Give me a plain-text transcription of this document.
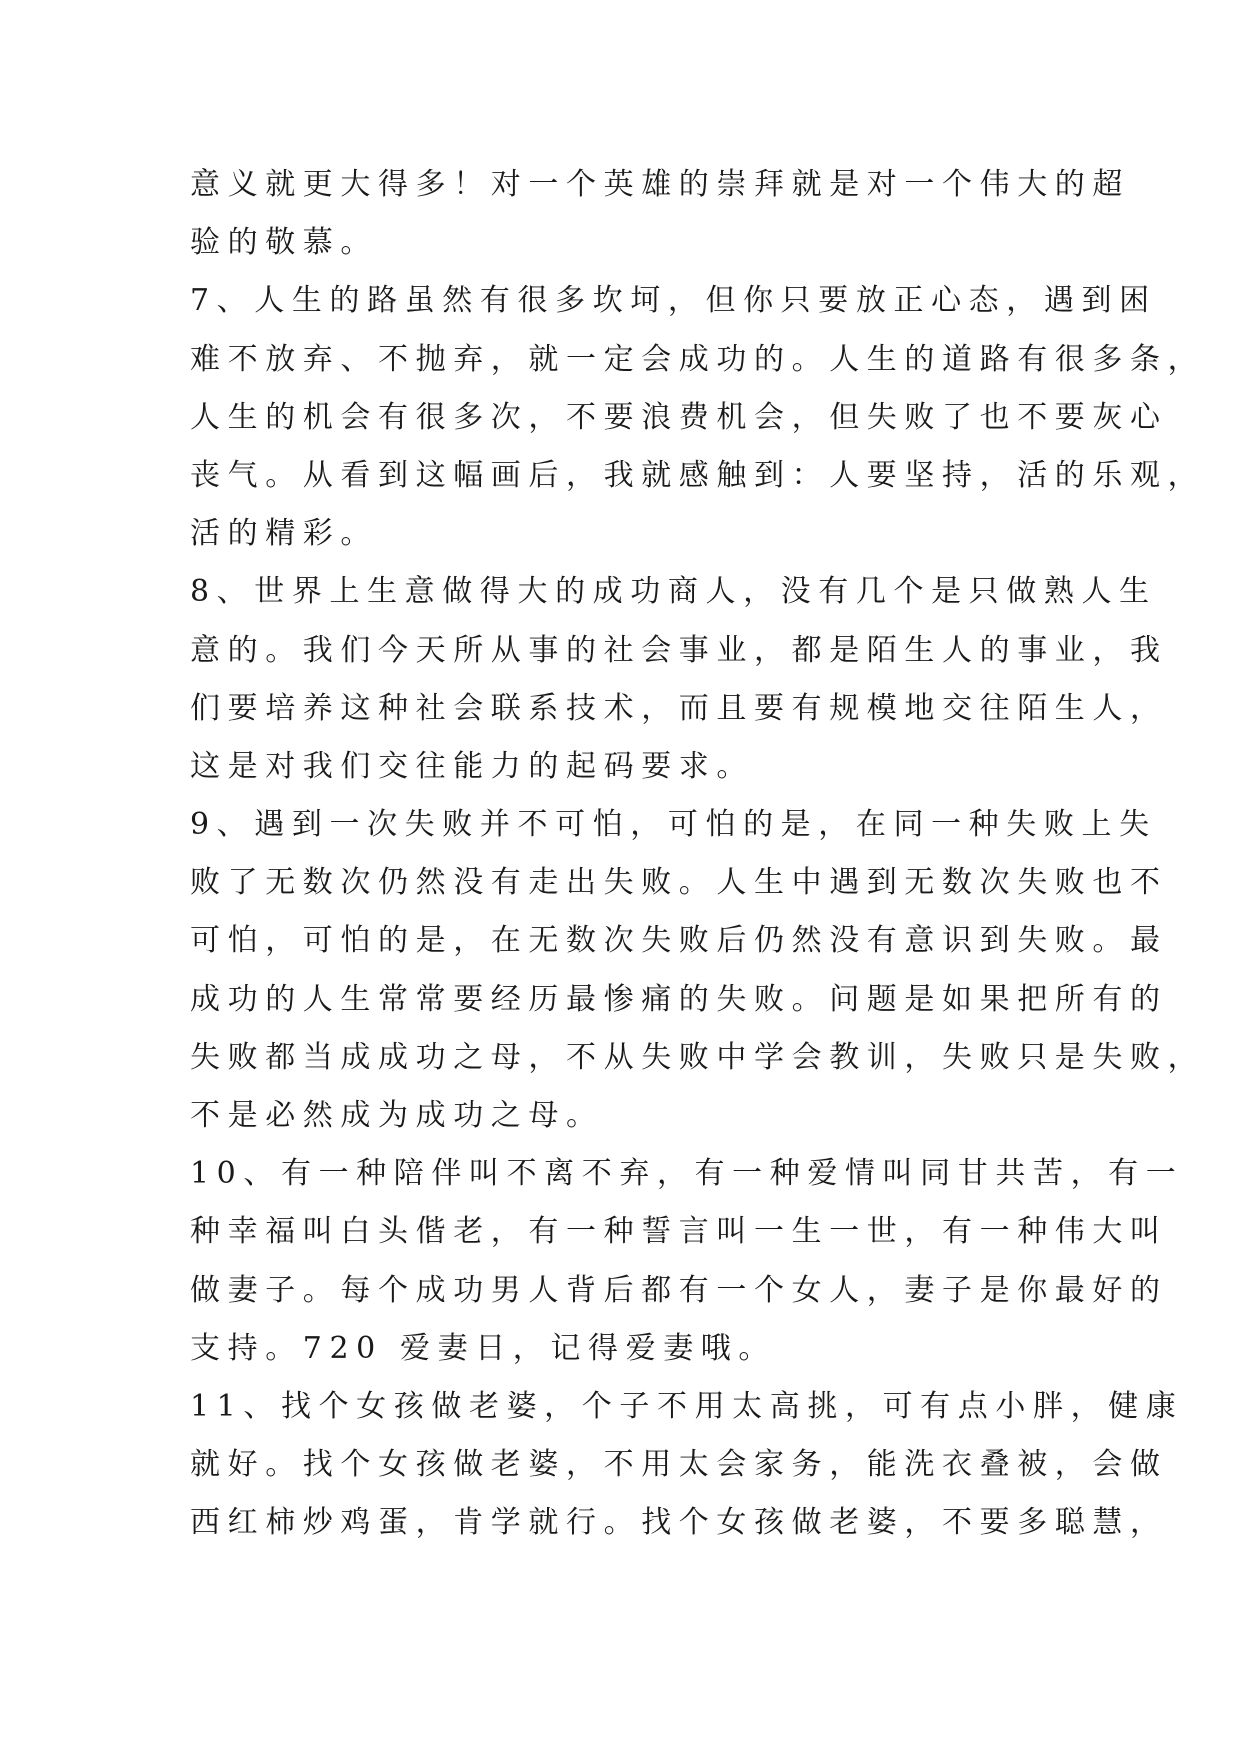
意义就更大得多！对一个英雄的崇拜就是对一个伟大的超
验的敬慕。
7、人生的路虽然有很多坎坷，但你只要放正心态，遇到困
难不放弃、不抛弃，就一定会成功的。人生的道路有很多条，
人生的机会有很多次，不要浪费机会，但失败了也不要灰心
丧气。从看到这幅画后，我就感触到：人要坚持，活的乐观，
活的精彩。
8、世界上生意做得大的成功商人，没有几个是只做熟人生
意的。我们今天所从事的社会事业，都是陌生人的事业，我
们要培养这种社会联系技术，而且要有规模地交往陌生人，
这是对我们交往能力的起码要求。
9、遇到一次失败并不可怕，可怕的是，在同一种失败上失
败了无数次仍然没有走出失败。人生中遇到无数次失败也不
可怕，可怕的是，在无数次失败后仍然没有意识到失败。最
成功的人生常常要经历最惨痛的失败。问题是如果把所有的
失败都当成成功之母，不从失败中学会教训，失败只是失败，
不是必然成为成功之母。
10、有一种陪伴叫不离不弃，有一种爱情叫同甘共苦，有一
种幸福叫白头偕老，有一种誓言叫一生一世，有一种伟大叫
做妻子。每个成功男人背后都有一个女人，妻子是你最好的
支持。720 爱妻日，记得爱妻哦。
11、找个女孩做老婆，个子不用太高挑，可有点小胖，健康
就好。找个女孩做老婆，不用太会家务，能洗衣叠被，会做
西红柿炒鸡蛋，肯学就行。找个女孩做老婆，不要多聪慧，
